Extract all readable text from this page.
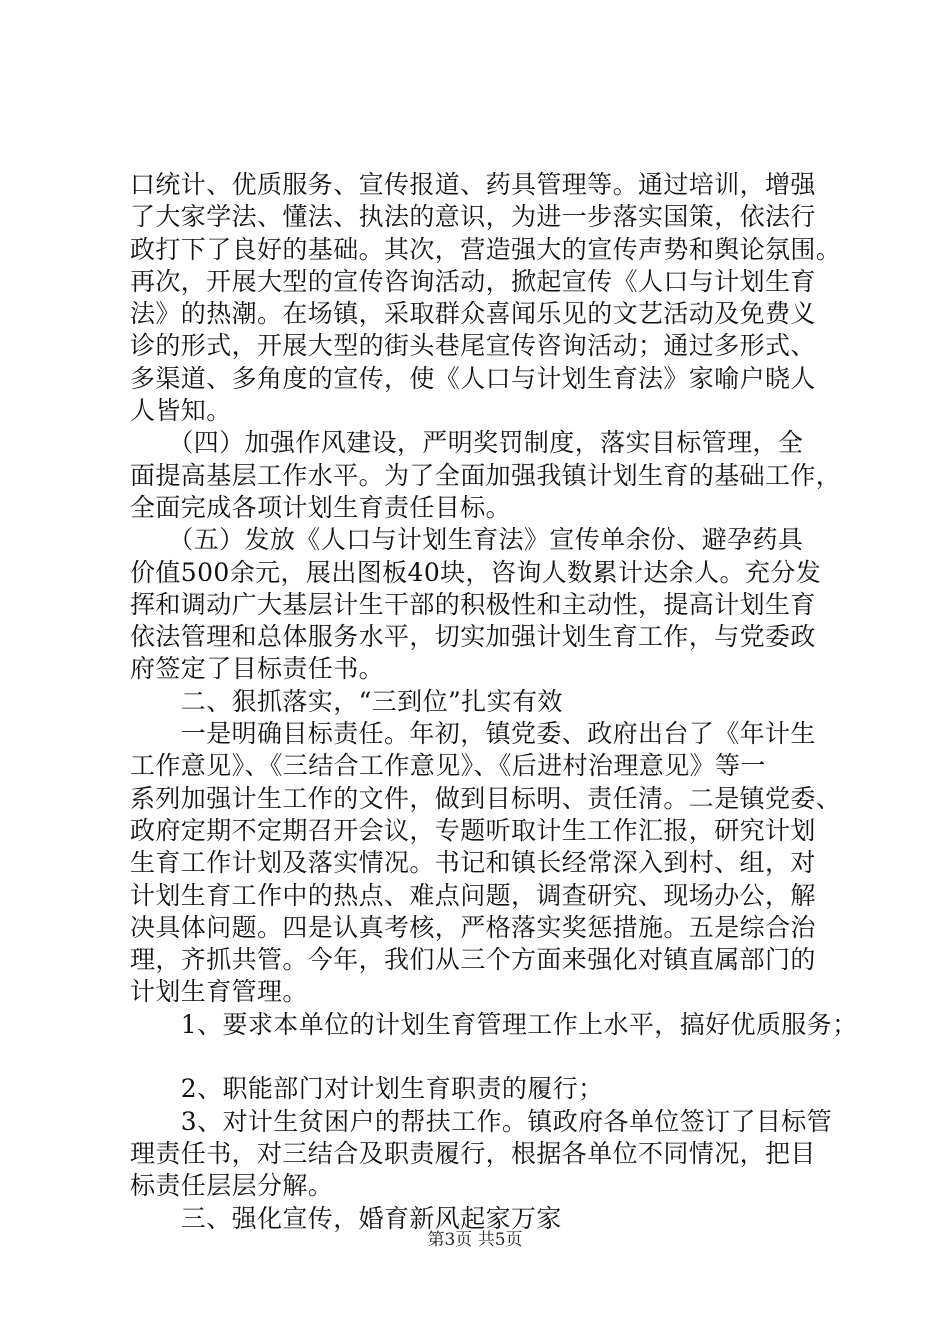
口统计、优质服务、宣传报道、药具管理等。通过培训，增强
了大家学法、懂法、执法的意识，为进一步落实国策，依法行
政打下了良好的基础。其次，营造强大的宣传声势和舆论氛围。
再次，开展大型的宣传咨询活动，掀起宣传《人口与计划生育
法》的热潮。在场镇，采取群众喜闻乐见的文艺活动及免费义
诊的形式，开展大型的街头巷尾宣传咨询活动；通过多形式、
多渠道、多角度的宣传，使《人口与计划生育法》家喻户晓人
人皆知。
　　（四）加强作风建设，严明奖罚制度，落实目标管理，全
面提高基层工作水平。为了全面加强我镇计划生育的基础工作，
全面完成各项计划生育责任目标。
　　（五）发放《人口与计划生育法》宣传单余份、避孕药具
价值500余元，展出图板40块，咨询人数累计达余人。充分发
挥和调动广大基层计生干部的积极性和主动性，提高计划生育
依法管理和总体服务水平，切实加强计划生育工作，与党委政
府签定了目标责任书。
　　二、狠抓落实，“三到位”扎实有效
　　一是明确目标责任。年初，镇党委、政府出台了《年计生
工作意见》、《三结合工作意见》、《后进村治理意见》等一
系列加强计生工作的文件，做到目标明、责任清。二是镇党委、
政府定期不定期召开会议，专题听取计生工作汇报，研究计划
生育工作计划及落实情况。书记和镇长经常深入到村、组，对
计划生育工作中的热点、难点问题，调查研究、现场办公，解
决具体问题。四是认真考核，严格落实奖惩措施。五是综合治
理，齐抓共管。今年，我们从三个方面来强化对镇直属部门的
计划生育管理。
　　1、要求本单位的计划生育管理工作上水平，搞好优质服务；
　　2、职能部门对计划生育职责的履行；
　　3、对计生贫困户的帮扶工作。镇政府各单位签订了目标管
理责任书，对三结合及职责履行，根据各单位不同情况，把目
标责任层层分解。
　　三、强化宣传，婚育新风起家万家
第3页 共5页
